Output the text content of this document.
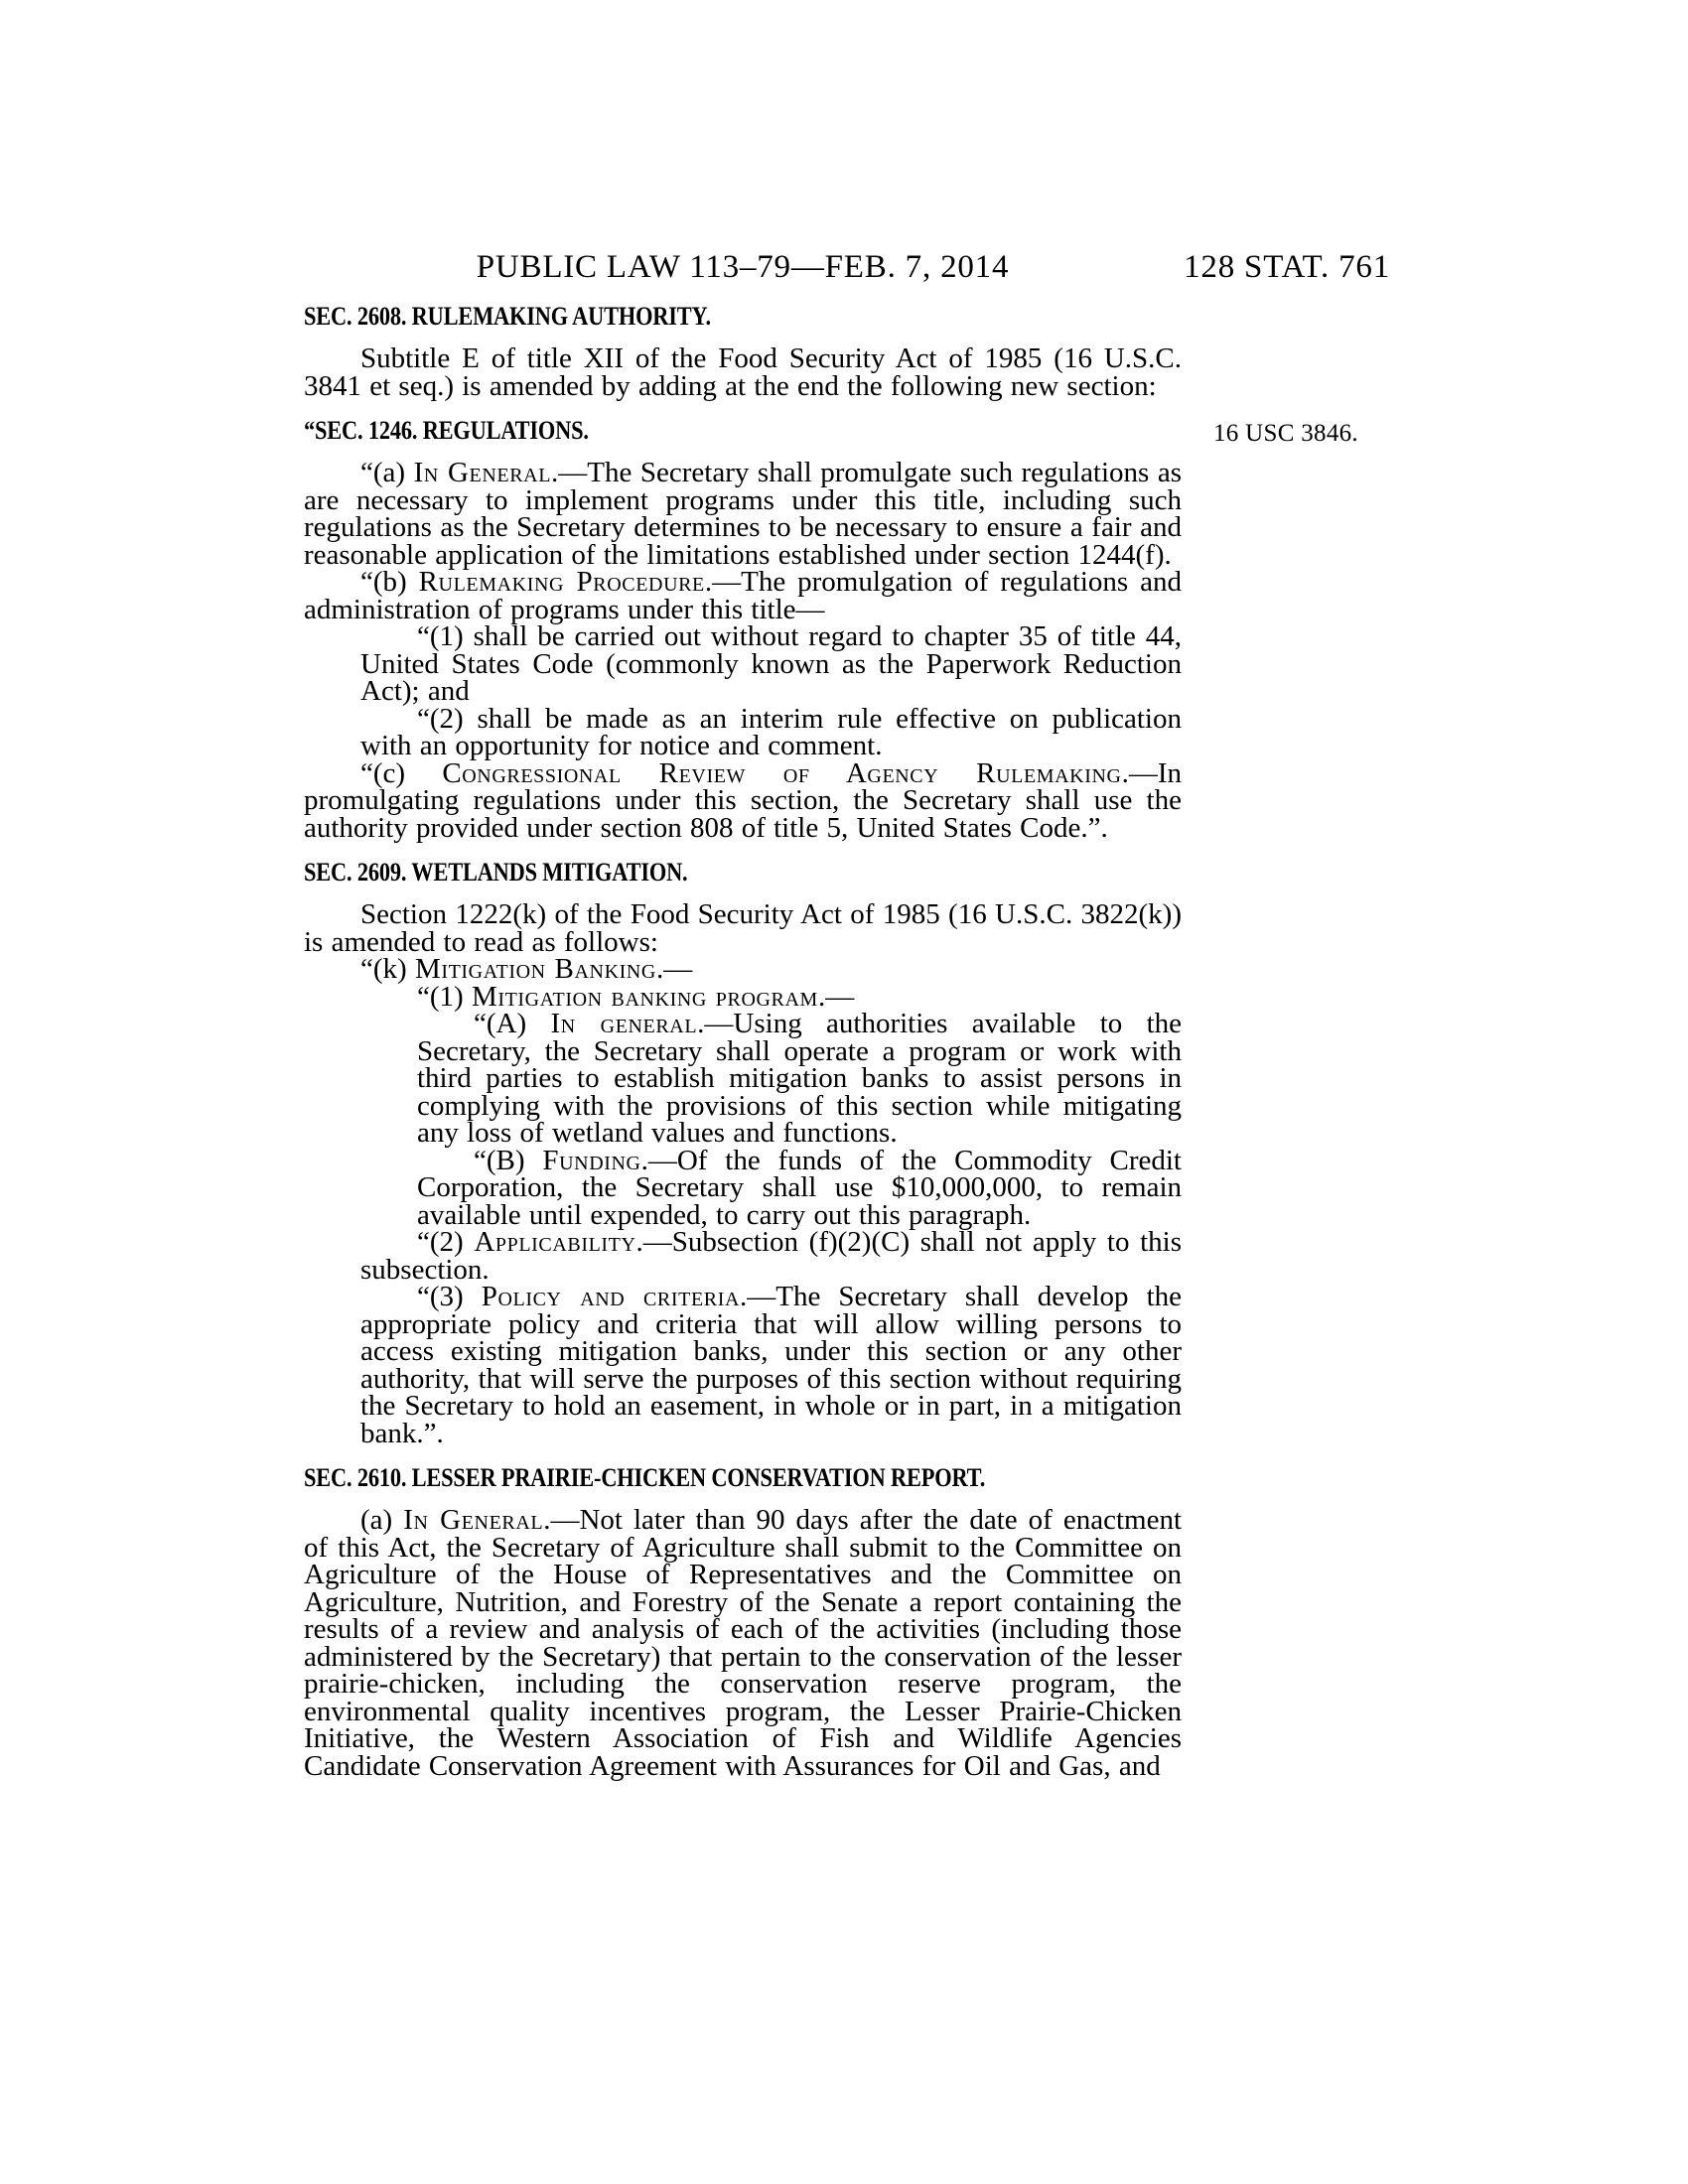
PUBLIC LAW 113–79—FEB. 7, 2014	128 STAT. 761

SEC. 2608. RULEMAKING AUTHORITY.

Subtitle E of title XII of the Food Security Act of 1985 (16 U.S.C. 3841 et seq.) is amended by adding at the end the following new section:

“SEC. 1246. REGULATIONS.	16 USC 3846.

“(a) In General.—The Secretary shall promulgate such regulations as are necessary to implement programs under this title, including such regulations as the Secretary determines to be necessary to ensure a fair and reasonable application of the limitations established under section 1244(f).

“(b) Rulemaking Procedure.—The promulgation of regulations and administration of programs under this title—

“(1) shall be carried out without regard to chapter 35 of title 44, United States Code (commonly known as the Paperwork Reduction Act); and

“(2) shall be made as an interim rule effective on publication with an opportunity for notice and comment.

“(c) Congressional Review of Agency Rulemaking.—In promulgating regulations under this section, the Secretary shall use the authority provided under section 808 of title 5, United States Code.”.

SEC. 2609. WETLANDS MITIGATION.

Section 1222(k) of the Food Security Act of 1985 (16 U.S.C. 3822(k)) is amended to read as follows:

“(k) Mitigation Banking.—

“(1) Mitigation banking program.—

“(A) In general.—Using authorities available to the Secretary, the Secretary shall operate a program or work with third parties to establish mitigation banks to assist persons in complying with the provisions of this section while mitigating any loss of wetland values and functions.

“(B) Funding.—Of the funds of the Commodity Credit Corporation, the Secretary shall use $10,000,000, to remain available until expended, to carry out this paragraph.

“(2) Applicability.—Subsection (f)(2)(C) shall not apply to this subsection.

“(3) Policy and criteria.—The Secretary shall develop the appropriate policy and criteria that will allow willing persons to access existing mitigation banks, under this section or any other authority, that will serve the purposes of this section without requiring the Secretary to hold an easement, in whole or in part, in a mitigation bank.”.

SEC. 2610. LESSER PRAIRIE-CHICKEN CONSERVATION REPORT.

(a) In General.—Not later than 90 days after the date of enactment of this Act, the Secretary of Agriculture shall submit to the Committee on Agriculture of the House of Representatives and the Committee on Agriculture, Nutrition, and Forestry of the Senate a report containing the results of a review and analysis of each of the activities (including those administered by the Secretary) that pertain to the conservation of the lesser prairie-chicken, including the conservation reserve program, the environmental quality incentives program, the Lesser Prairie-Chicken Initiative, the Western Association of Fish and Wildlife Agencies Candidate Conservation Agreement with Assurances for Oil and Gas, and
